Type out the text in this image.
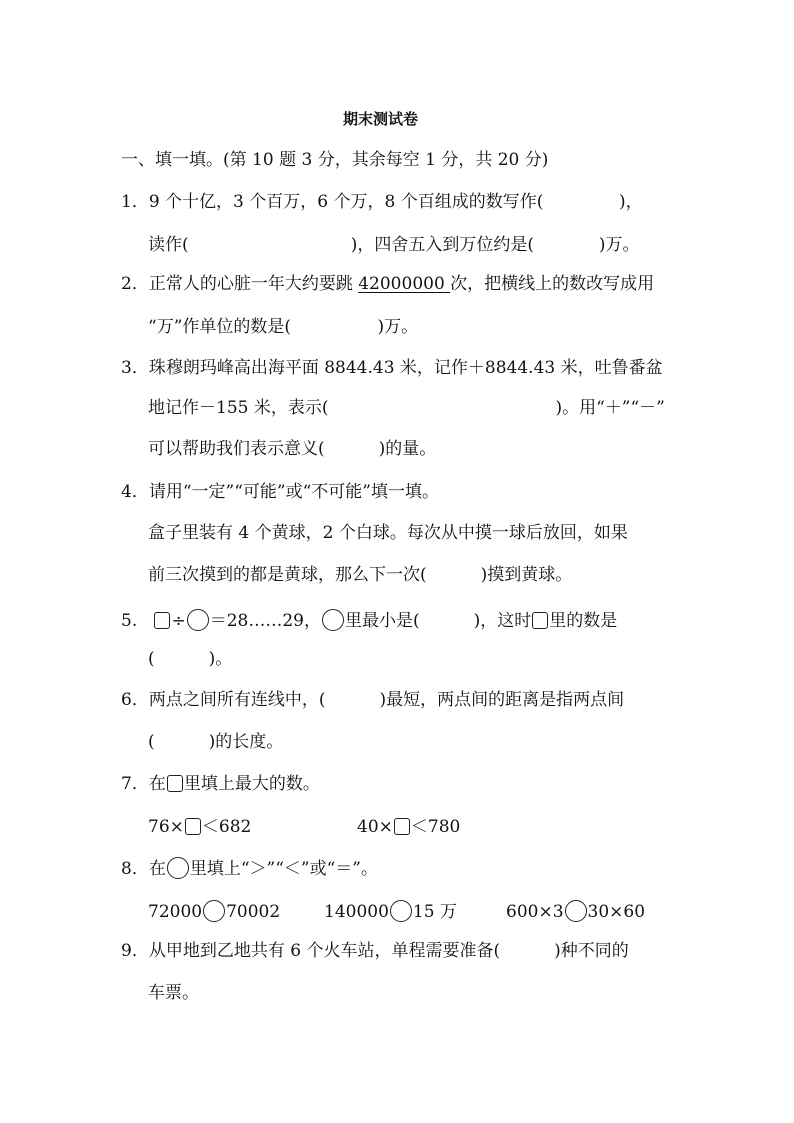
期末测试卷
一、填一填。(第 10 题 3 分，其余每空 1 分，共 20 分)
1．9 个十亿，3 个百万，6 个万，8 个百组成的数写作(              )，
读作(                              )，四舍五入到万位约是(            )万。
2．正常人的心脏一年大约要跳 42000000 次，把横线上的数改写成用
“万”作单位的数是(                )万。
3．珠穆朗玛峰高出海平面 8844.43 米，记作＋8844.43 米，吐鲁番盆
地记作－155 米，表示(                                          )。用“＋”“－”
可以帮助我们表示意义(          )的量。
4．请用“一定”“可能”或“不可能”填一填。
盒子里装有 4 个黄球，2 个白球。每次从中摸一球后放回，如果
前三次摸到的都是黄球，那么下一次(          )摸到黄球。
5. ÷ ＝28……29， 里最小是(          )，这时 里的数是
(          )。
6．两点之间所有连线中，(          )最短，两点间的距离是指两点间
(          )的长度。
7．在 里填上最大的数。
76× ＜682	40× ＜780
8．在 里填上“＞”“＜”或“＝”。
72000 70002	140000 15 万	600×3 30×60
9．从甲地到乙地共有 6 个火车站，单程需要准备(          )种不同的
车票。
